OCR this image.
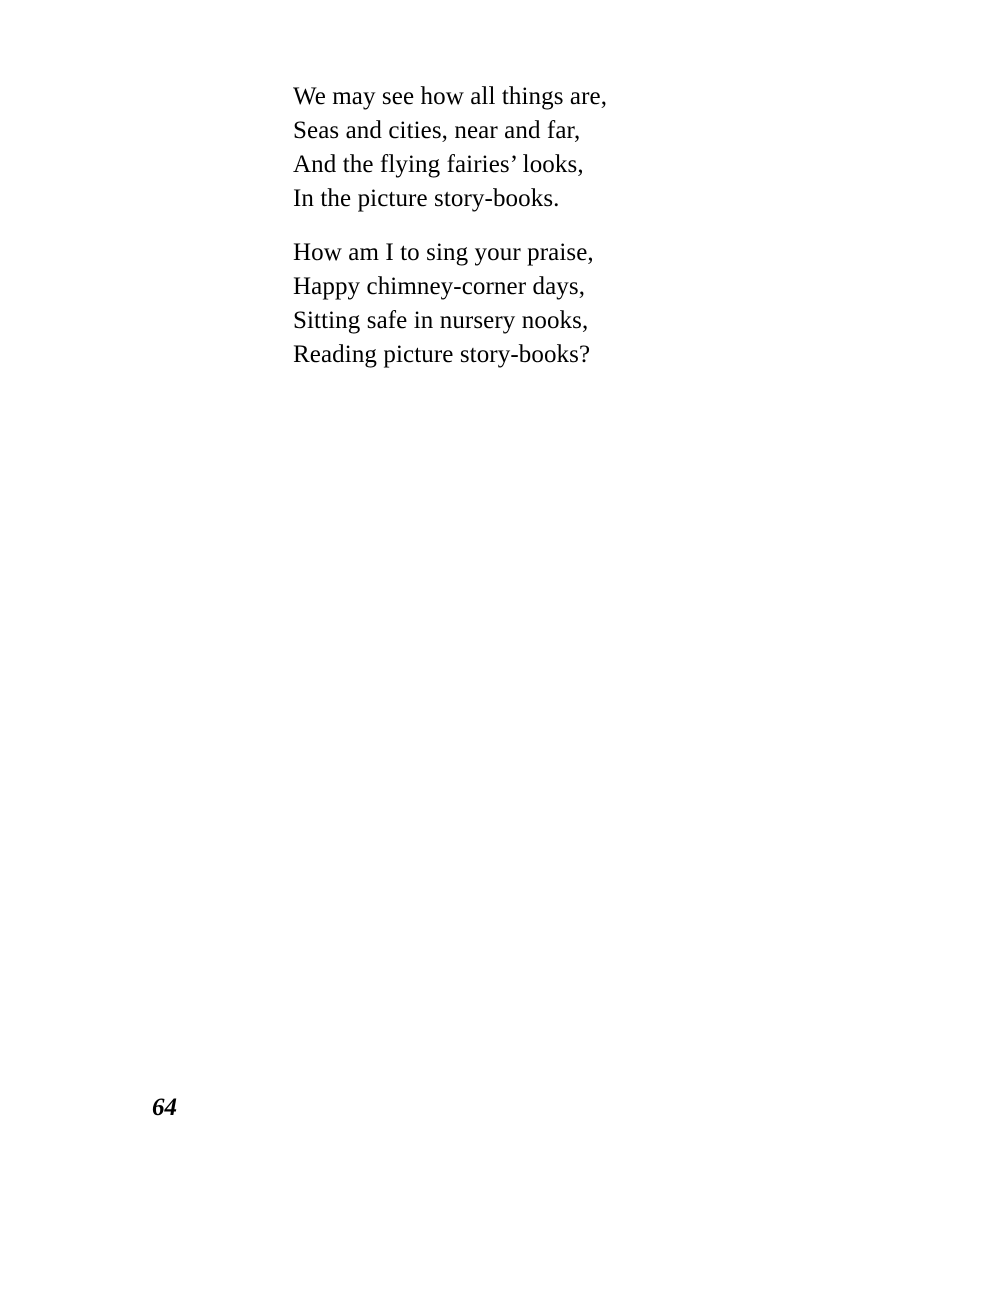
We may see how all things are,
Seas and cities, near and far,
And the flying fairies’ looks,
In the picture story-books.
How am I to sing your praise,
Happy chimney-corner days,
Sitting safe in nursery nooks,
Reading picture story-books?
64
